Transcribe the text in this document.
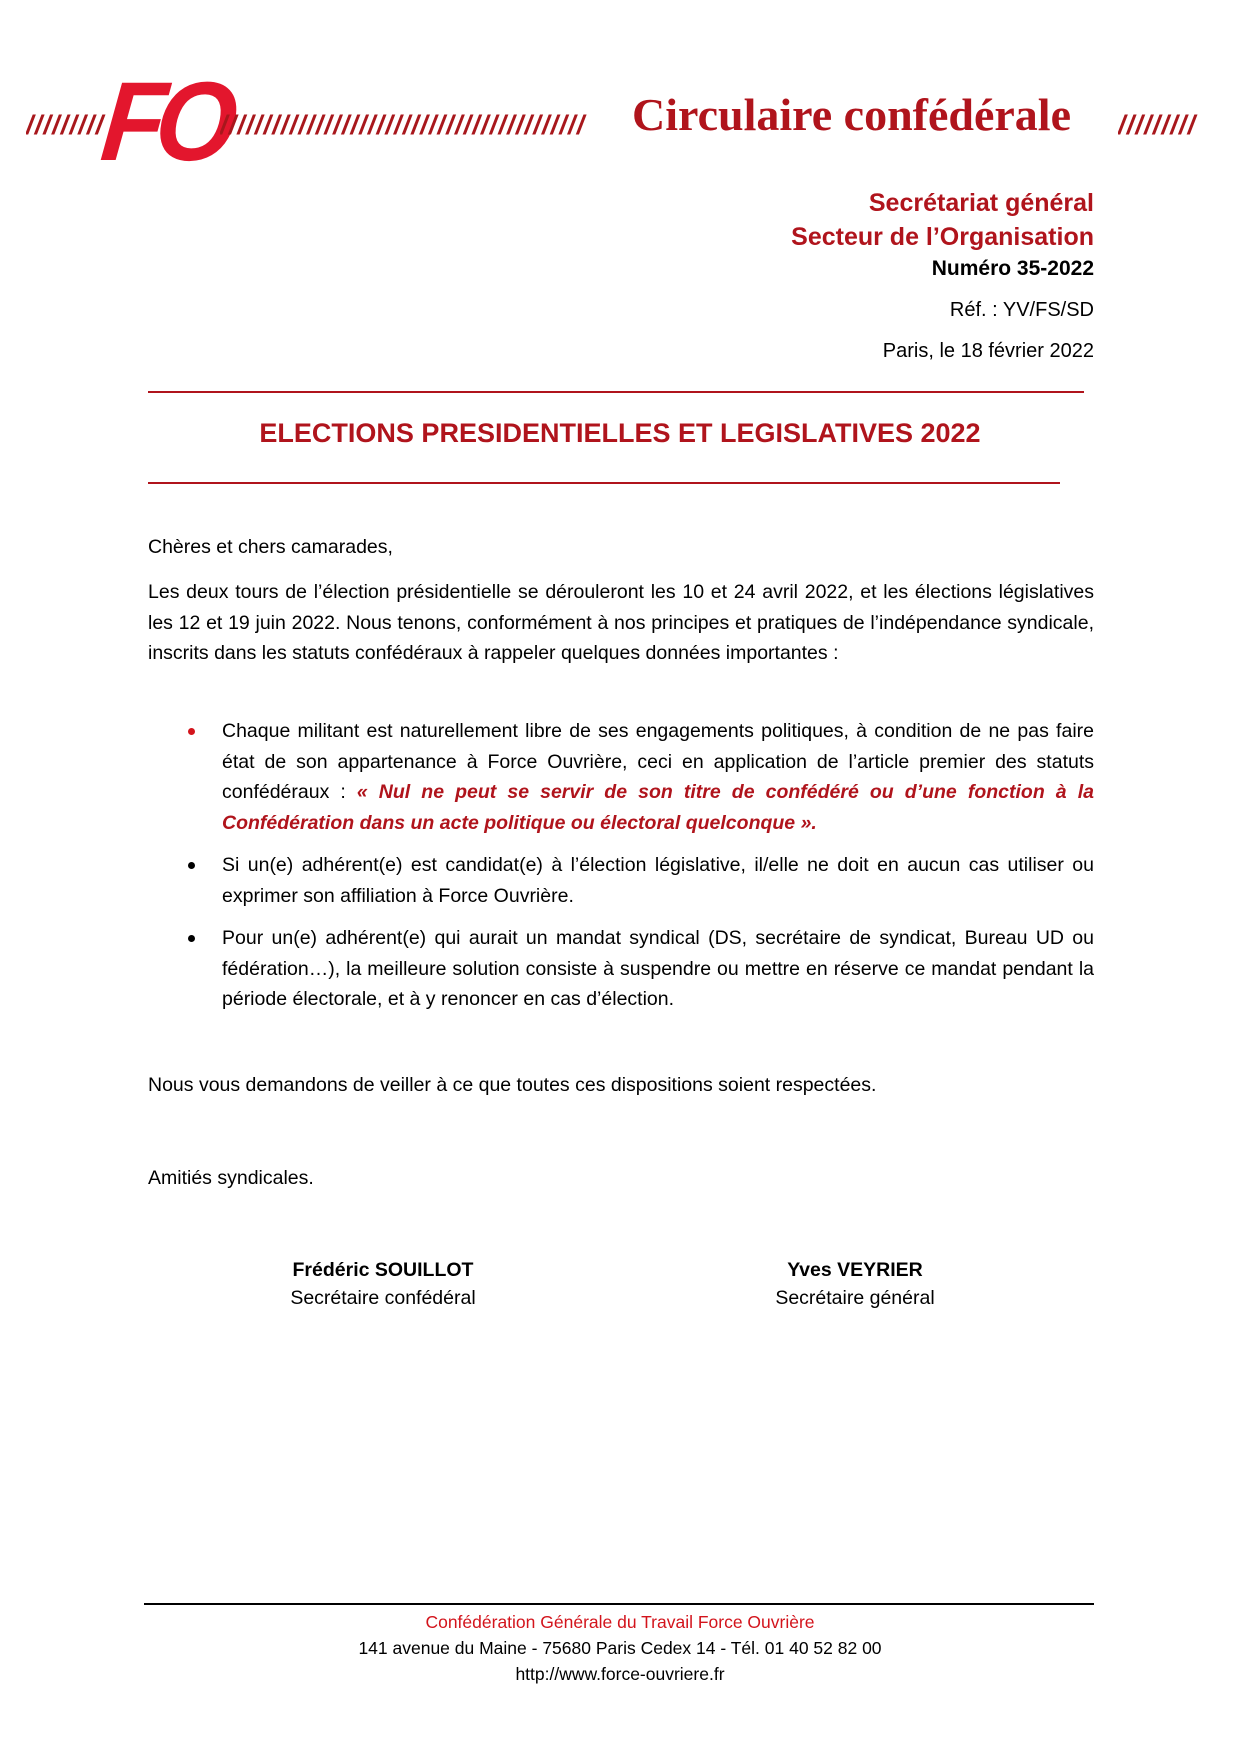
/////////
FO
//////////////////////////////////////////	Circulaire confédérale /////////
Secrétariat général
Secteur de l’Organisation
Numéro 35-2022
Réf. : YV/FS/SD
Paris, le 18 février 2022
ELECTIONS PRESIDENTIELLES ET LEGISLATIVES 2022

Chères et chers camarades,

Les deux tours de l’élection présidentielle se dérouleront les 10 et 24 avril 2022, et les élections législatives les 12 et 19 juin 2022. Nous tenons, conformément à nos principes et pratiques de l’indépendance syndicale, inscrits dans les statuts confédéraux à rappeler quelques données importantes :

Chaque militant est naturellement libre de ses engagements politiques, à condition de ne pas faire état de son appartenance à Force Ouvrière, ceci en application de l’article premier des statuts confédéraux : « Nul ne peut se servir de son titre de confédéré ou d’une fonction à la Confédération dans un acte politique ou électoral quelconque ».
Si un(e) adhérent(e) est candidat(e) à l’élection législative, il/elle ne doit en aucun cas utiliser ou exprimer son affiliation à Force Ouvrière.
Pour un(e) adhérent(e) qui aurait un mandat syndical (DS, secrétaire de syndicat, Bureau UD ou fédération…), la meilleure solution consiste à suspendre ou mettre en réserve ce mandat pendant la période électorale, et à y renoncer en cas d’élection.

Nous vous demandons de veiller à ce que toutes ces dispositions soient respectées.

Amitiés syndicales.

Frédéric SOUILLOT
Secrétaire confédéral
Yves VEYRIER
Secrétaire général
Confédération Générale du Travail Force Ouvrière
141 avenue du Maine - 75680 Paris Cedex 14 - Tél. 01 40 52 82 00
http://www.force-ouvriere.fr
